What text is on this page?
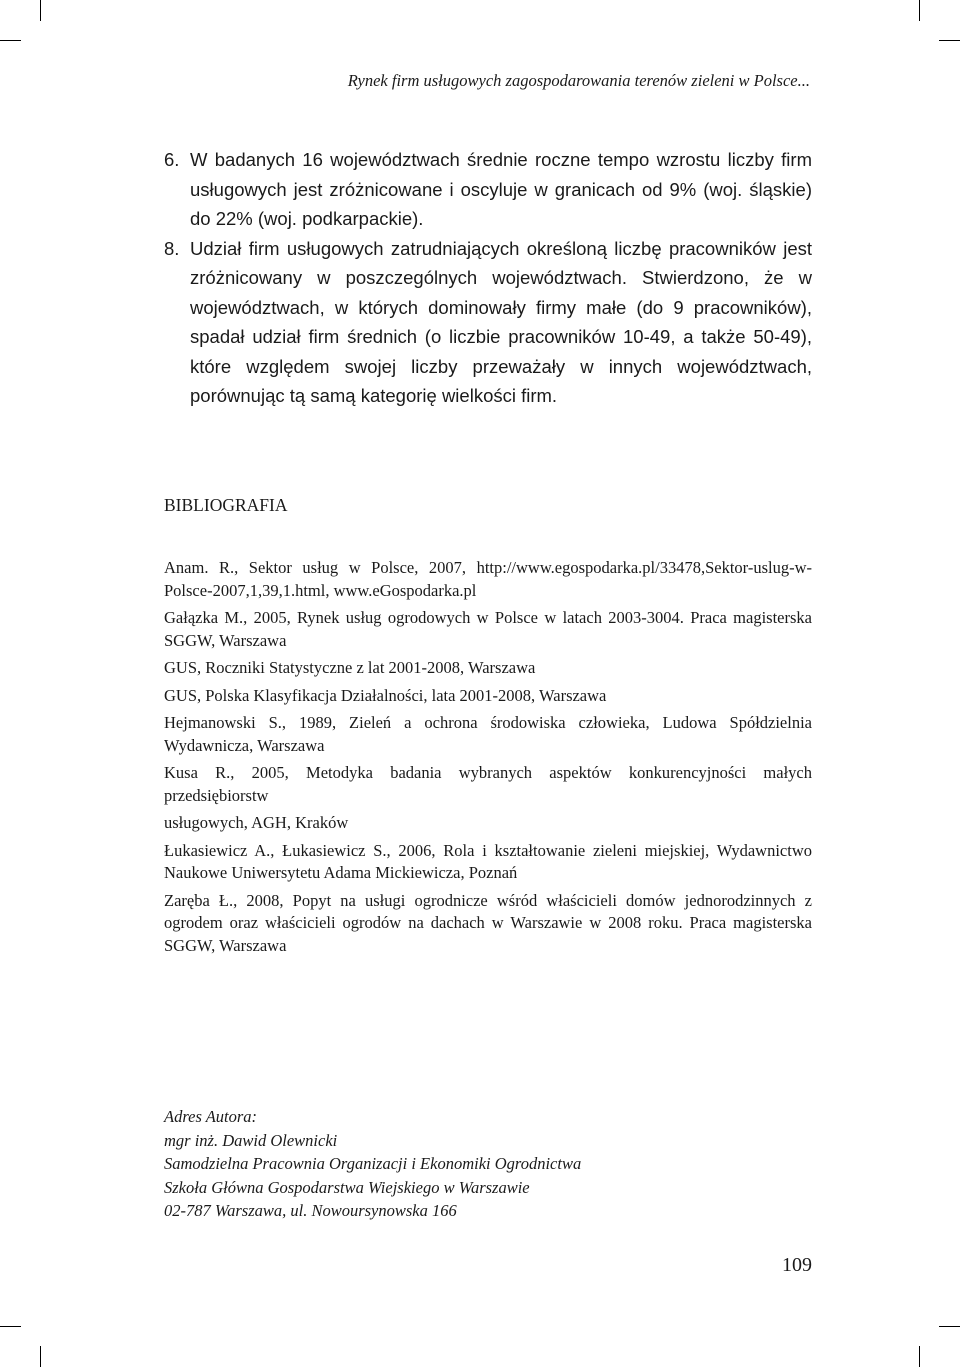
Rynek firm usługowych zagospodarowania terenów zieleni w Polsce...
6. W badanych 16 województwach średnie roczne tempo wzrostu liczby firm usługowych jest zróżnicowane i oscyluje w granicach od 9% (woj. śląskie) do 22% (woj. podkarpackie).
8. Udział firm usługowych zatrudniających określoną liczbę pracowników jest zróżnicowany w poszczególnych województwach. Stwierdzono, że w województwach, w których dominowały firmy małe (do 9 pracowników), spadał udział firm średnich (o liczbie pracowników 10-49, a także 50-49), które względem swojej liczby przeważały w innych województwach, porównując tą samą kategorię wielkości firm.
BIBLIOGRAFIA
Anam. R., Sektor usług w Polsce, 2007, http://www.egospodarka.pl/33478,Sektor-uslug-w-Polsce-2007,1,39,1.html, www.eGospodarka.pl
Gałązka M., 2005, Rynek usług ogrodowych w Polsce w latach 2003-3004. Praca magisterska SGGW, Warszawa
GUS, Roczniki Statystyczne z lat 2001-2008, Warszawa
GUS, Polska Klasyfikacja Działalności, lata 2001-2008, Warszawa
Hejmanowski S., 1989, Zieleń a ochrona środowiska człowieka, Ludowa Spółdzielnia Wydawnicza, Warszawa
Kusa R., 2005, Metodyka badania wybranych aspektów konkurencyjności małych przedsiębiorstw
usługowych, AGH, Kraków
Łukasiewicz A., Łukasiewicz S., 2006, Rola i kształtowanie zieleni miejskiej, Wydawnictwo Naukowe Uniwersytetu Adama Mickiewicza, Poznań
Zaręba Ł., 2008, Popyt na usługi ogrodnicze wśród właścicieli domów jednorodzinnych z ogrodem oraz właścicieli ogrodów na dachach w Warszawie w 2008 roku. Praca magisterska SGGW, Warszawa
Adres Autora:
mgr inż. Dawid Olewnicki
Samodzielna Pracownia Organizacji i Ekonomiki Ogrodnictwa
Szkoła Główna Gospodarstwa Wiejskiego w Warszawie
02-787 Warszawa, ul. Nowoursynowska 166
109
